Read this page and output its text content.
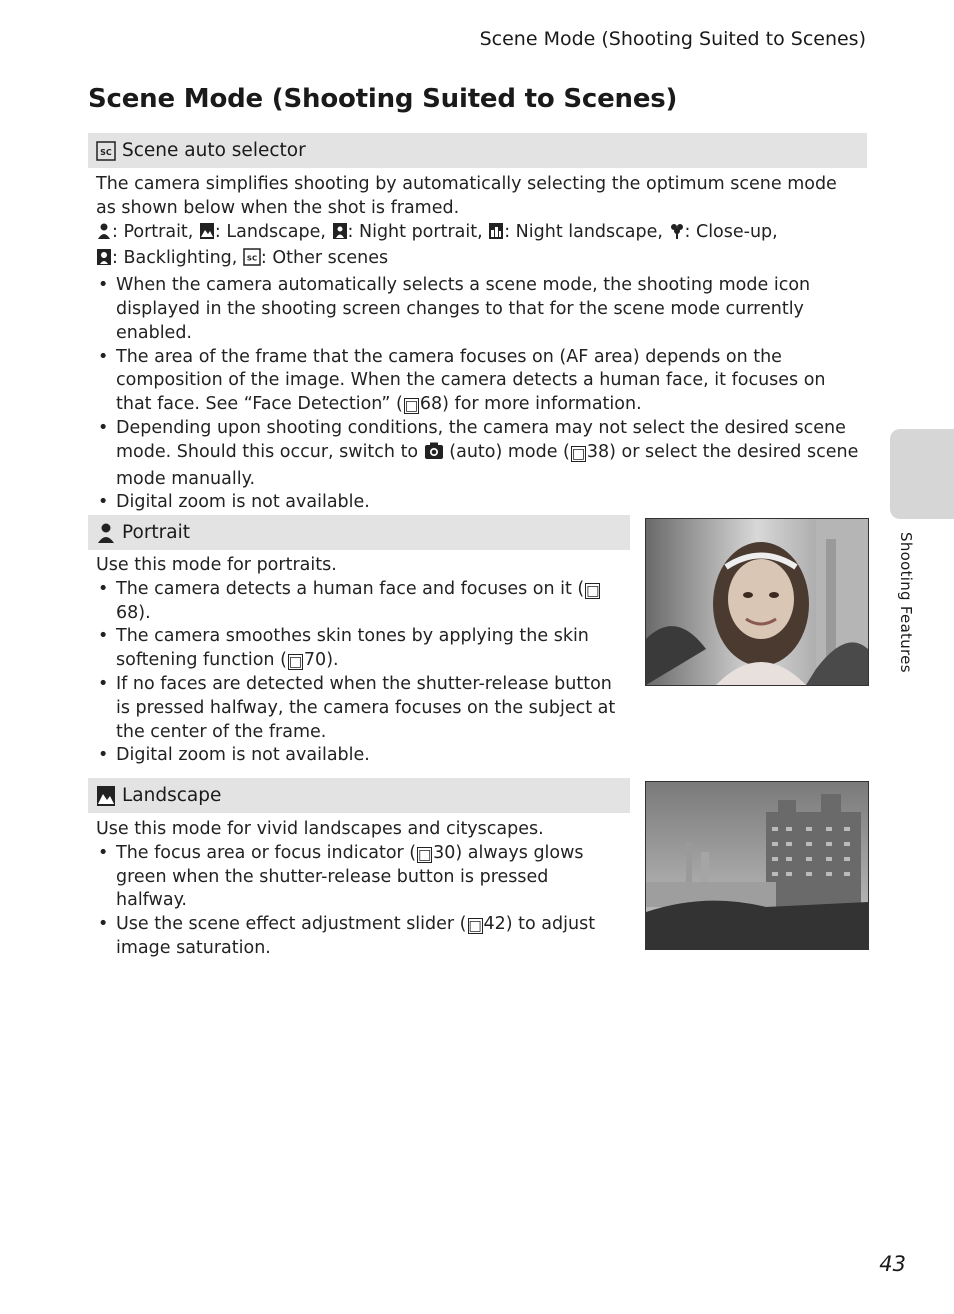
Scene Mode (Shooting Suited to Scenes)
Scene Mode (Shooting Suited to Scenes)
SC Scene auto selector

The camera simplifies shooting by automatically selecting the optimum scene mode as shown below when the shot is framed.

: Portrait, : Landscape, : Night portrait, : Night landscape, : Close-up,
: Backlighting, SC : Other scenes

• When the camera automatically selects a scene mode, the shooting mode icon displayed in the shooting screen changes to that for the scene mode currently enabled.
• The area of the frame that the camera focuses on (AF area) depends on the composition of the image. When the camera detects a human face, it focuses on that face. See “Face Detection” ( □ 68) for more information.
• Depending upon shooting conditions, the camera may not select the desired scene mode. Should this occur, switch to  (auto) mode ( □ 38) or select the desired scene mode manually.
• Digital zoom is not available.
Portrait

Use this mode for portraits.

• The camera detects a human face and focuses on it ( □68).
• The camera smoothes skin tones by applying the skin softening function ( □ 70).
• If no faces are detected when the shutter-release button is pressed halfway, the camera focuses on the subject at the center of the frame.
• Digital zoom is not available.
Landscape

Use this mode for vivid landscapes and cityscapes.

• The focus area or focus indicator ( □ 30) always glows green when the shutter-release button is pressed halfway.
• Use the scene effect adjustment slider ( □ 42) to adjust image saturation.
Shooting Features
43
